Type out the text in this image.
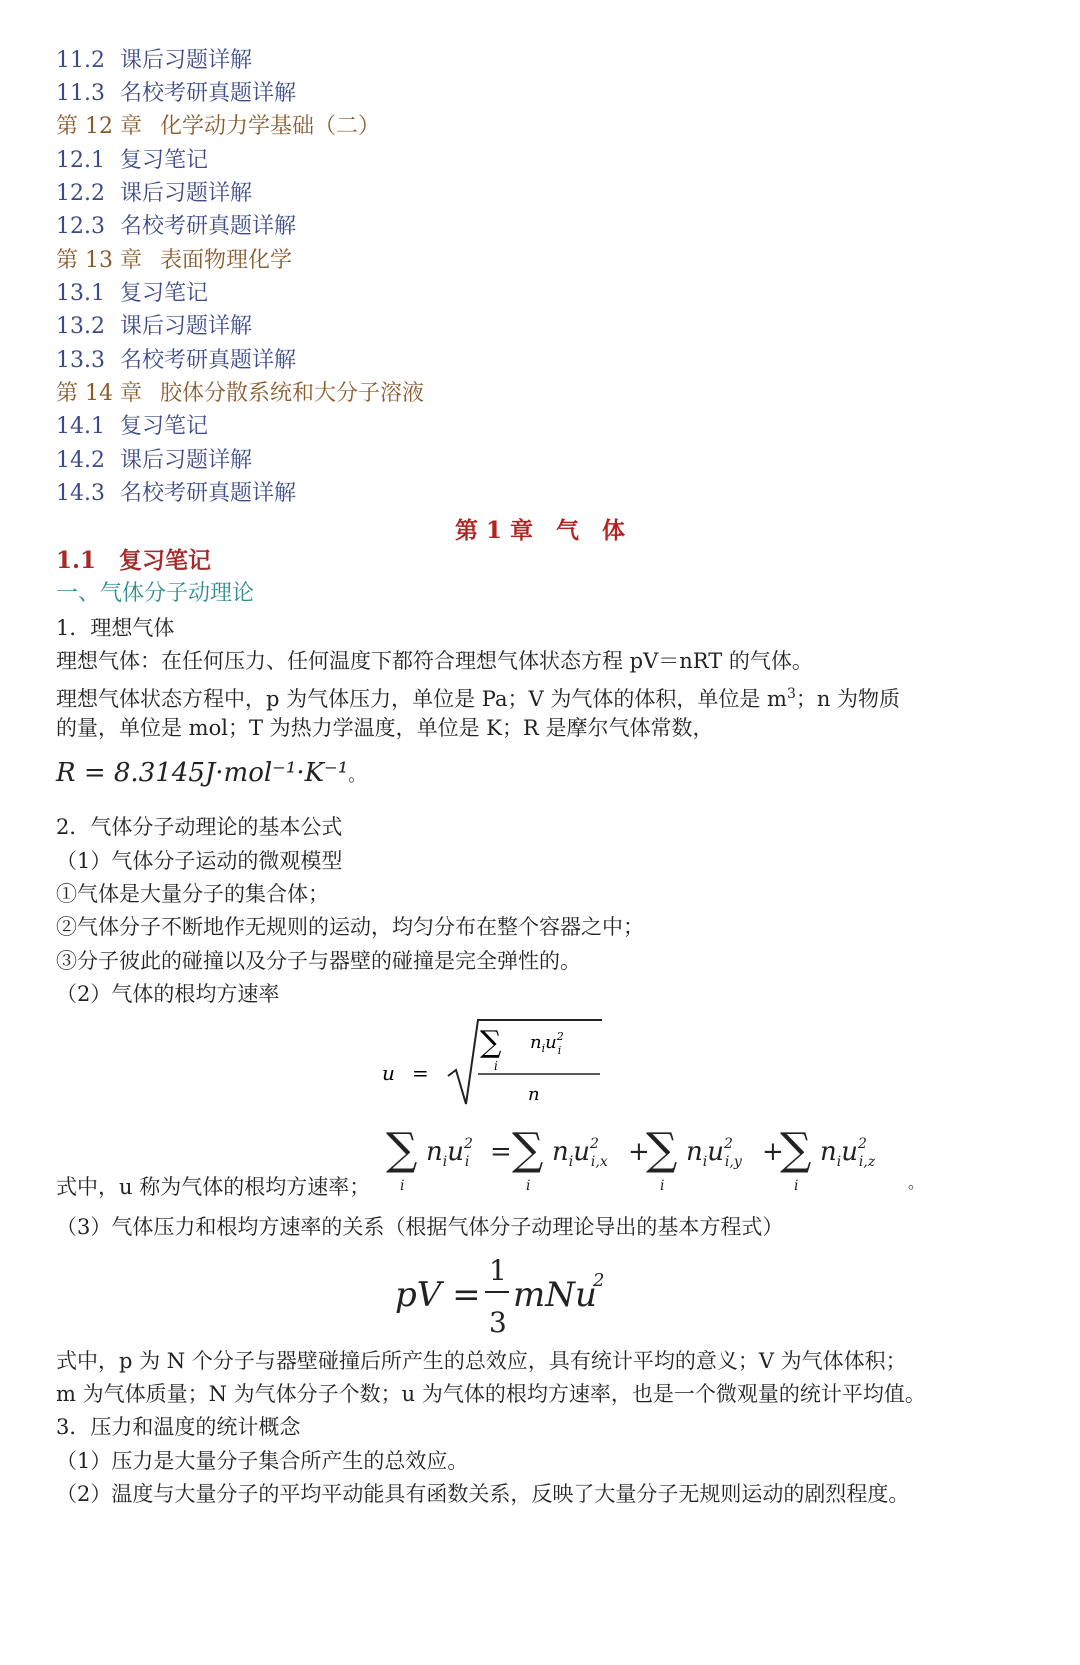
11.2 课后习题详解
11.3 名校考研真题详解
第 12 章 化学动力学基础（二）
12.1 复习笔记
12.2 课后习题详解
12.3 名校考研真题详解
第 13 章 表面物理化学
13.1 复习笔记
13.2 课后习题详解
13.3 名校考研真题详解
第 14 章 胶体分散系统和大分子溶液
14.1 复习笔记
14.2 课后习题详解
14.3 名校考研真题详解
第 1 章　气　体
1.1　复习笔记
一、气体分子动理论
1．理想气体
理想气体：在任何压力、任何温度下都符合理想气体状态方程 pV＝nRT 的气体。
理想气体状态方程中，p 为气体压力，单位是 Pa；V 为气体的体积，单位是 $m^3$；n 为物质
的量，单位是 mol；T 为热力学温度，单位是 K；R 是摩尔气体常数，
R = 8.3145J·mol⁻¹·K⁻¹。
2．气体分子动理论的基本公式
（1）气体分子运动的微观模型
①气体是大量分子的集合体；
②气体分子不断地作无规则的运动，均匀分布在整个容器之中；
③分子彼此的碰撞以及分子与器壁的碰撞是完全弹性的。
（2）气体的根均方速率
u =
∑
i
$n_iu^2$ i
n
式中，u 称为气体的根均方速率；
∑
i
$n_iu^2$ i = ∑
i
$n_iu^2$ i,x +
∑
i
$n_iu^2$ i,y +
∑
i
$n_iu^2$ i,z
。
（3）气体压力和根均方速率的关系（根据气体分子动理论导出的基本方程式）
pV =
1
3
mNu
2
式中，p 为 N 个分子与器壁碰撞后所产生的总效应，具有统计平均的意义；V 为气体体积；
m 为气体质量；N 为气体分子个数；u 为气体的根均方速率，也是一个微观量的统计平均值。
3．压力和温度的统计概念
（1）压力是大量分子集合所产生的总效应。
（2）温度与大量分子的平均平动能具有函数关系，反映了大量分子无规则运动的剧烈程度。
